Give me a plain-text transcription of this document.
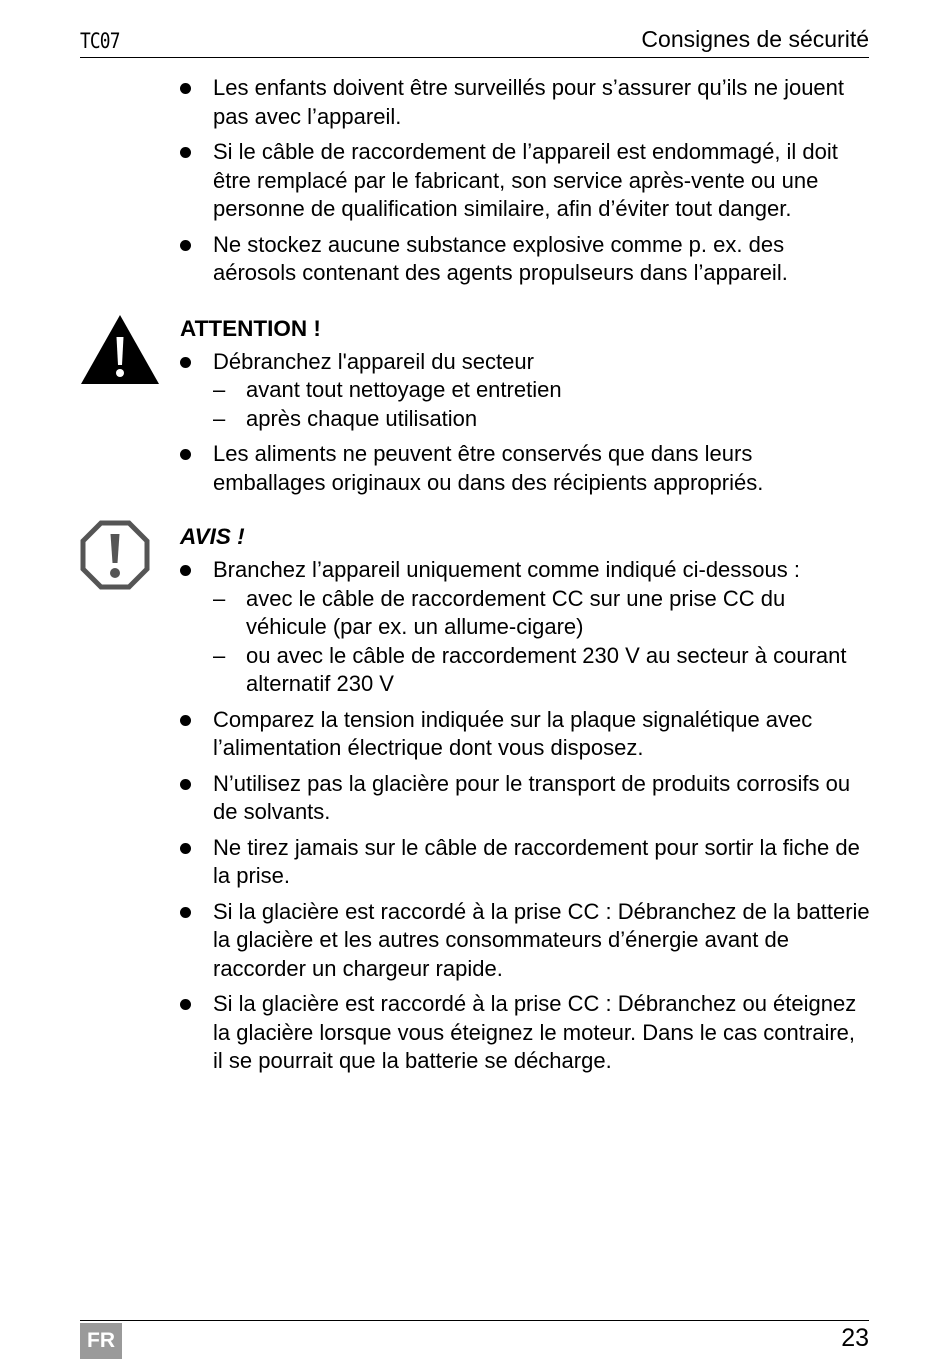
TC07	Consignes de sécurité
Les enfants doivent être surveillés pour s’assurer qu’ils ne jouent pas avec l’appareil.
Si le câble de raccordement de l’appareil est endommagé, il doit être remplacé par le fabricant, son service après-vente ou une personne de qualification similaire, afin d’éviter tout danger.
Ne stockez aucune substance explosive comme p. ex. des aérosols contenant des agents propulseurs dans l’appareil.
ATTENTION !
Débranchez l'appareil du secteur
– avant tout nettoyage et entretien
– après chaque utilisation
Les aliments ne peuvent être conservés que dans leurs emballages originaux ou dans des récipients appropriés.
AVIS !
Branchez l’appareil uniquement comme indiqué ci-dessous :
– avec le câble de raccordement CC sur une prise CC du véhicule (par ex. un allume-cigare)
– ou avec le câble de raccordement 230 V au secteur à courant alternatif 230 V
Comparez la tension indiquée sur la plaque signalétique avec l’alimentation électrique dont vous disposez.
N’utilisez pas la glacière pour le transport de produits corrosifs ou de solvants.
Ne tirez jamais sur le câble de raccordement pour sortir la fiche de la prise.
Si la glacière est raccordé à la prise CC : Débranchez de la batterie la glacière et les autres consommateurs d’énergie avant de raccorder un chargeur rapide.
Si la glacière est raccordé à la prise CC : Débranchez ou éteignez la glacière lorsque vous éteignez le moteur. Dans le cas contraire, il se pourrait que la batterie se décharge.
FR	23
